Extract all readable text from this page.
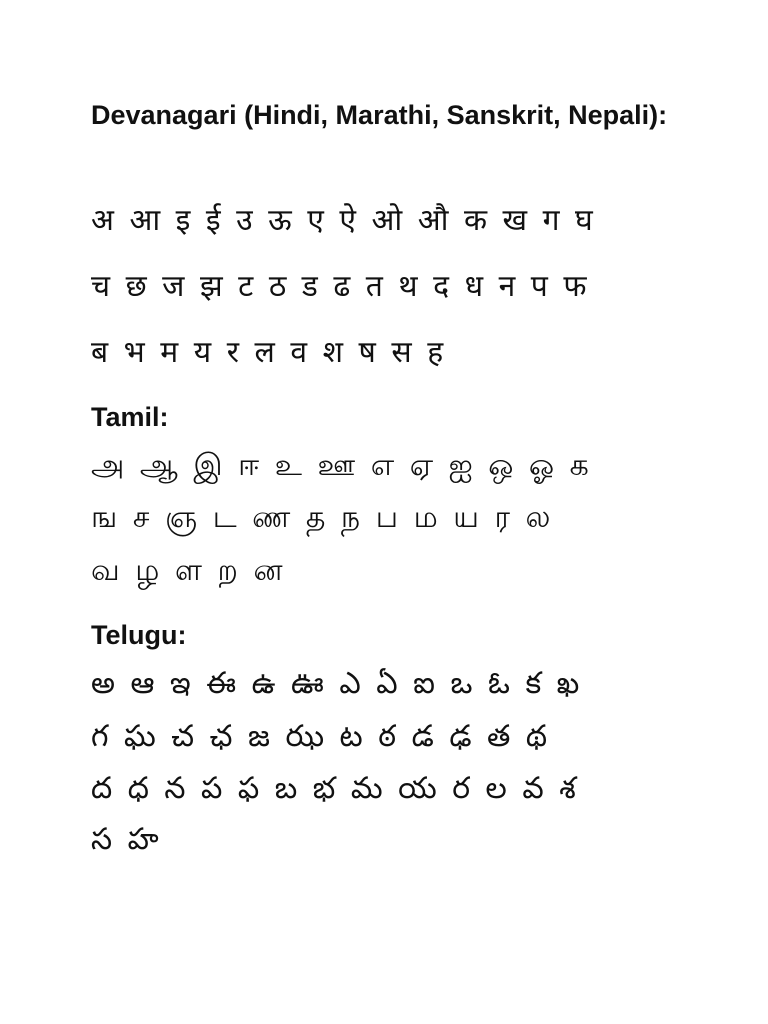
Devanagari (Hindi, Marathi, Sanskrit, Nepali):
अ आ इ ई उ ऊ ए ऐ ओ औ क ख ग घ
च छ ज झ ट ठ ड ढ त थ द ध न प फ
ब भ म य र ल व श ष स ह
Tamil:
அ ஆ இ ஈ உ ஊ எ ஏ ஐ ஒ ஓ க
ங ச ஞ ட ண த ந ப ம ய ர ல
வ ழ ள ற ன
Telugu:
అ ఆ ఇ ఈ ఉ ఊ ఎ ఏ ఐ ఒ ఓ క ఖ
గ ఘ చ ఛ జ ఝ ట ఠ డ ఢ త థ
ద ధ న ప ఫ బ భ మ య ర ల వ శ
స హ
